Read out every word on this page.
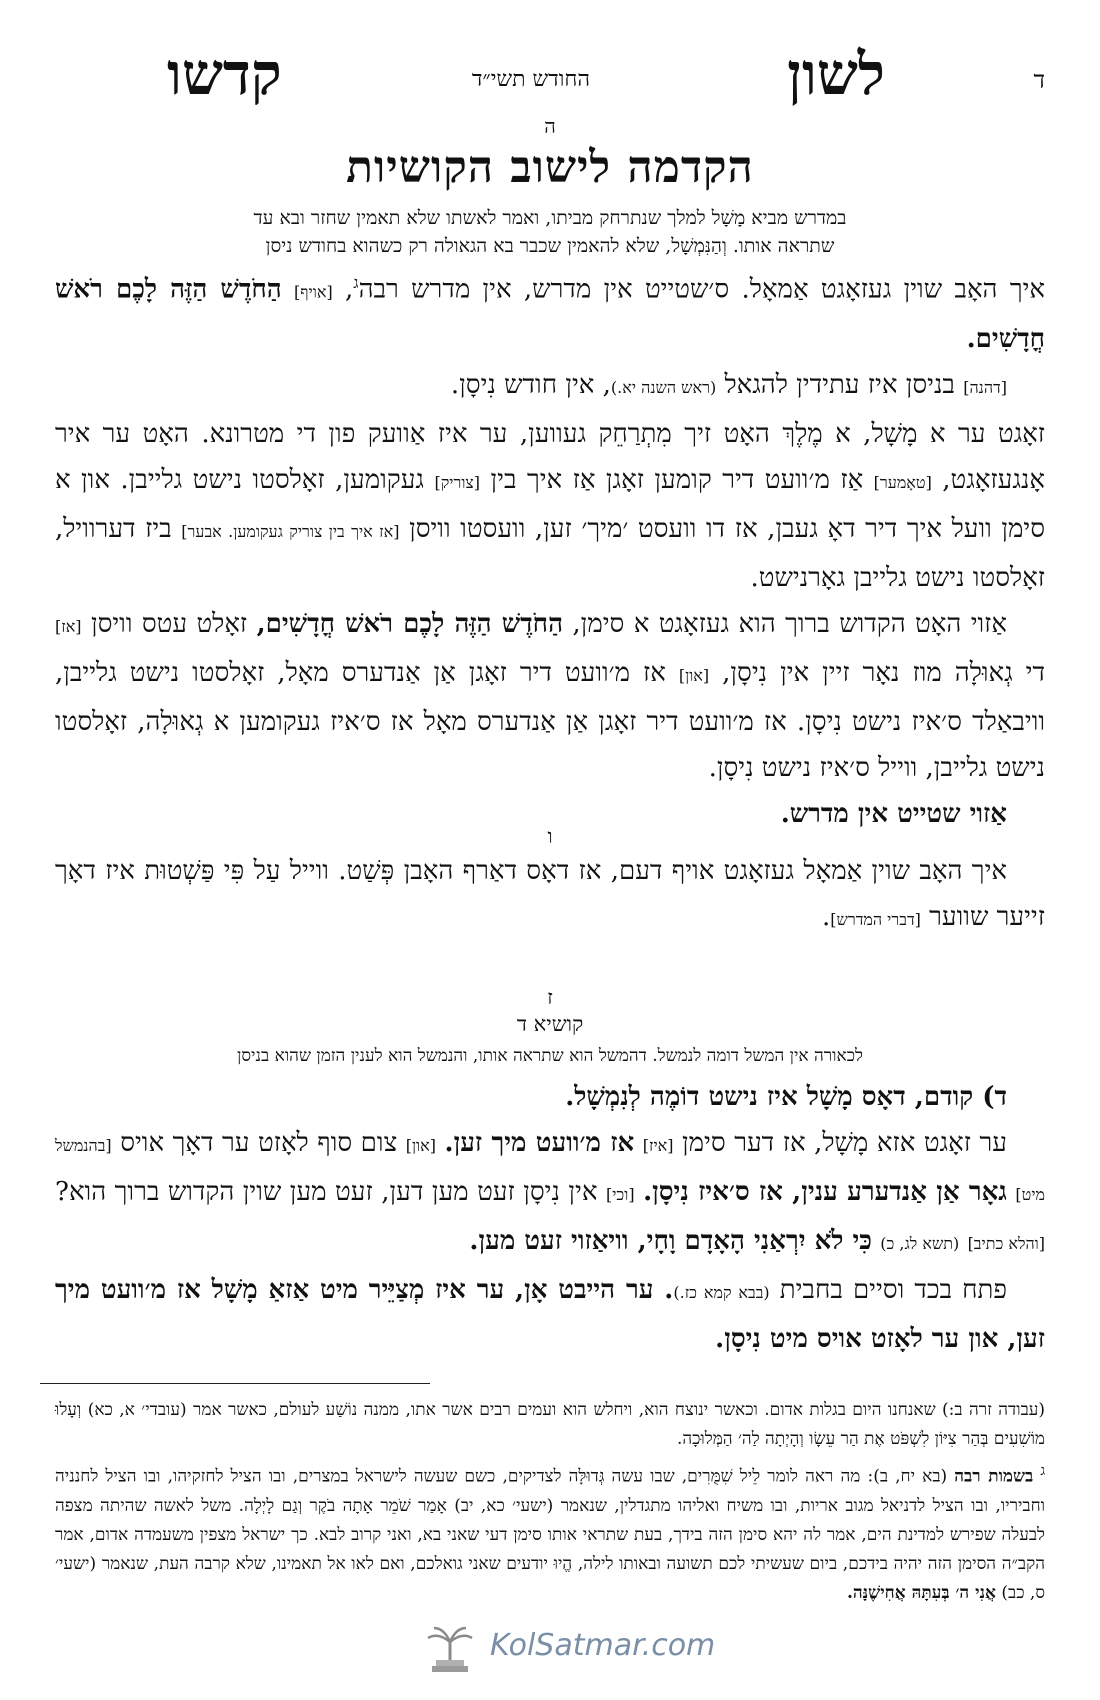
ד
לשון
החודש תשי״ד
קדשו
ה
הקדמה לישוב הקושיות
במדרש מביא מָשָׁל למלך שנתרחק מביתו, ואמר לאשתו שלא תאמין שחזר ובא עד
שתראה אותו. וְהַנִּמְשָׁל, שלא להאמין שכבר בא הגאולה רק כשהוא בחודש ניסן

איך האָב שוין געזאָגט אַמאָל. ס׳שטייט אין מדרש, אין מדרש רבה$^ג$, [אויף] הַחֹדֶשׁ הַזֶּה לָכֶם רֹאשׁ חֳדָשִׁים.

[דהנה] בניסן איז עתידין להגאל (ראש השנה יא.), אין חודש נִיסָן.

זאָגט ער א מָשָׁל, א מֶלֶךְ האָט זיך מִתְרַחֵק געווען, ער איז אַוועק פון די מטרונא. האָט ער איר אָנגעזאָגט, [טאָמער] אַז מ׳וועט דיר קומען זאָגן אַז איך בין [צוריק] געקומען, זאָלסטו נישט גלייבן. און א סימן וועל איך דיר דאָ געבן, אז דו וועסט ׳מיך׳ זען, וועסטו וויסן [אז איך בין צוריק געקומען. אבער] ביז דערוויל, זאָלסטו נישט גלייבן גאָרנישט.

אַזוי האָט הקדוש ברוך הוא געזאָגט א סימן, הַחֹדֶשׁ הַזֶּה לָכֶם רֹאשׁ חֳדָשִׁים, זאָלט עטס וויסן [אז] די גְאוּלָה מוז נאָר זיין אין נִיסָן, [און] אז מ׳וועט דיר זאָגן אַן אַנדערס מאָל, זאָלסטו נישט גלייבן, וויבאַלד ס׳איז נישט נִיסָן. אז מ׳וועט דיר זאָגן אַן אַנדערס מאָל אז ס׳איז געקומען א גְאוּלָה, זאָלסטו נישט גלייבן, ווייל ס׳איז נישט נִיסָן.

אַזוי שטייט אין מדרש.

ו

איך האָב שוין אַמאָל געזאָגט אויף דעם, אז דאָס דאַרף האָבן פְּשַׁט. ווייל עַל פִּי פַּשְׁטוּת איז דאָך זייער שווער [דברי המדרש].

ז
קושיא ד
לכאורה אין המשל דומה לנמשל. דהמשל הוא שתראה אותו, והנמשל הוא לענין הזמן שהוא בניסן

ד) קודם, דאָס מָשָׁל איז נישט דוֹמֶה לְנִמְשָׁל.

ער זאָגט אזא מָשָׁל, אז דער סימן [איז] אז מ׳וועט מיך זען. [און] צום סוף לאָזט ער דאָך אויס [בהנמשל מיט] גאָר אַן אַנדערע ענין, אז ס׳איז נִיסָן. [וכי] אין נִיסָן זעט מען דען, זעט מען שוין הקדוש ברוך הוא? [והלא כתיב] (תשא לג, כ) כִּי לֹא יִרְאַנִי הָאָדָם וָחָי, וויאַזוי זעט מען.

פתח בכד וסיים בחבית (בבא קמא כז.). ער הייבט אָן, ער איז מְצַיֵּיר מיט אַזאַ מָשָׁל אז מ׳וועט מיך זען, און ער לאָזט אויס מיט נִיסָן.

(עבודה זרה ב:) שאנחנו היום בגלות אדום. וכאשר ינוצח הוא, ויחלש הוא ועמים רבים אשר אתו, ממנה נוֹשַׁע לעולם, כאשר אמר (עובדי׳ א, כא) וְעָלוּ מוֹשִׁעִים בְּהַר צִיּוֹן לִשְׁפֹּט אֶת הַר עֵשָׂו וְהָיְתָה לַה׳ הַמְּלוּכָה.

$^ג$ בשמות רבה (בא יח, ב): מה ראה לומר לֵיל שִׁמֻּרִים, שבו עשה גְּדוּלָּה לצדיקים, כשם שעשה לישראל במצרים, ובו הציל לחזקיהו, ובו הציל לחנניה וחביריו, ובו הציל לדניאל מגוב אריות, ובו משיח ואליהו מתגדלין, שנאמר (ישעי׳ כא, יב) אָמַר שֹׁמֵר אָתָה בֹקֶר וְגַם לָיְלָה. משל לאשה שהיתה מצפה לבעלה שפירש למדינת הים, אמר לה יהא סימן הזה בידך, בעת שתראי אותו סימן דעי שאני בא, ואני קרוב לבא. כך ישראל מצפין משעמדה אדום, אמר הקב״ה הסימן הזה יהיה בידכם, ביום שעשיתי לכם תשועה ובאותו לילה, הֱיוּ יודעים שאני גואלכם, ואם לאו אל תאמינו, שלא קרבה העת, שנאמר (ישעי׳ ס, כב) אֲנִי ה׳ בְּעִתָּהּ אֲחִישֶׁנָּה.

KolSatmar.com
